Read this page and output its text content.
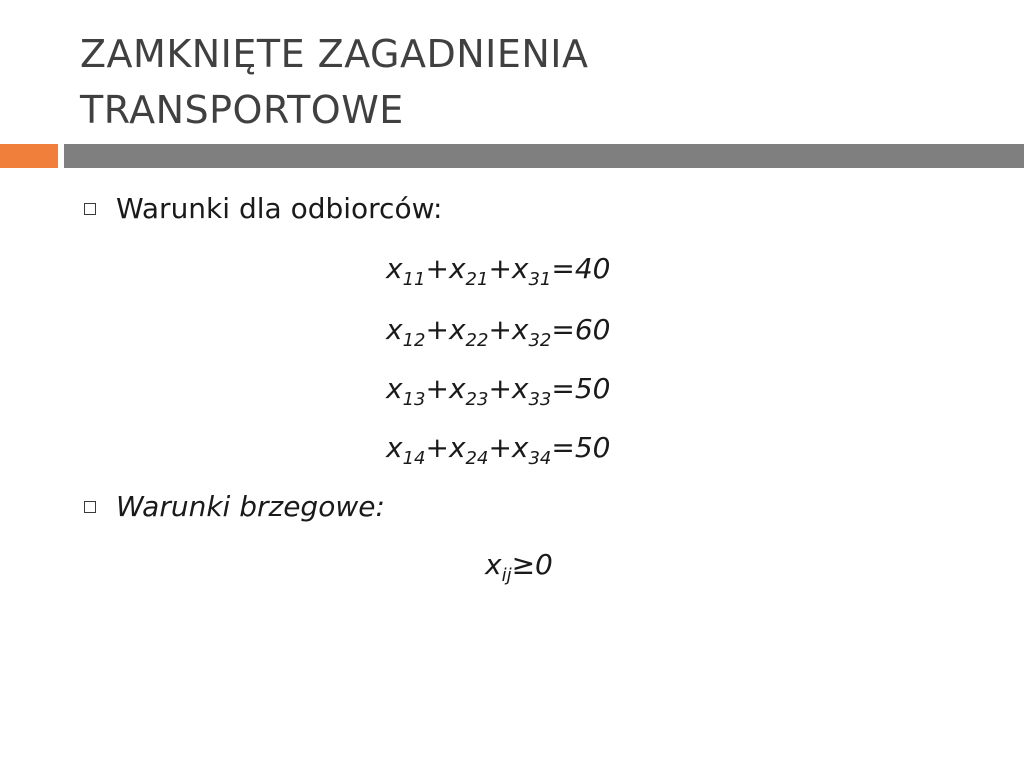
ZAMKNIĘTE ZAGADNIENIA
TRANSPORTOWE
Warunki dla odbiorców:
$x_{11}+x_{21}+x_{31}=40$
$x_{12}+x_{22}+x_{32}=60$
$x_{13}+x_{23}+x_{33}=50$
$x_{14}+x_{24}+x_{34}=50$
Warunki brzegowe:
$x_{ij}\ge 0$
